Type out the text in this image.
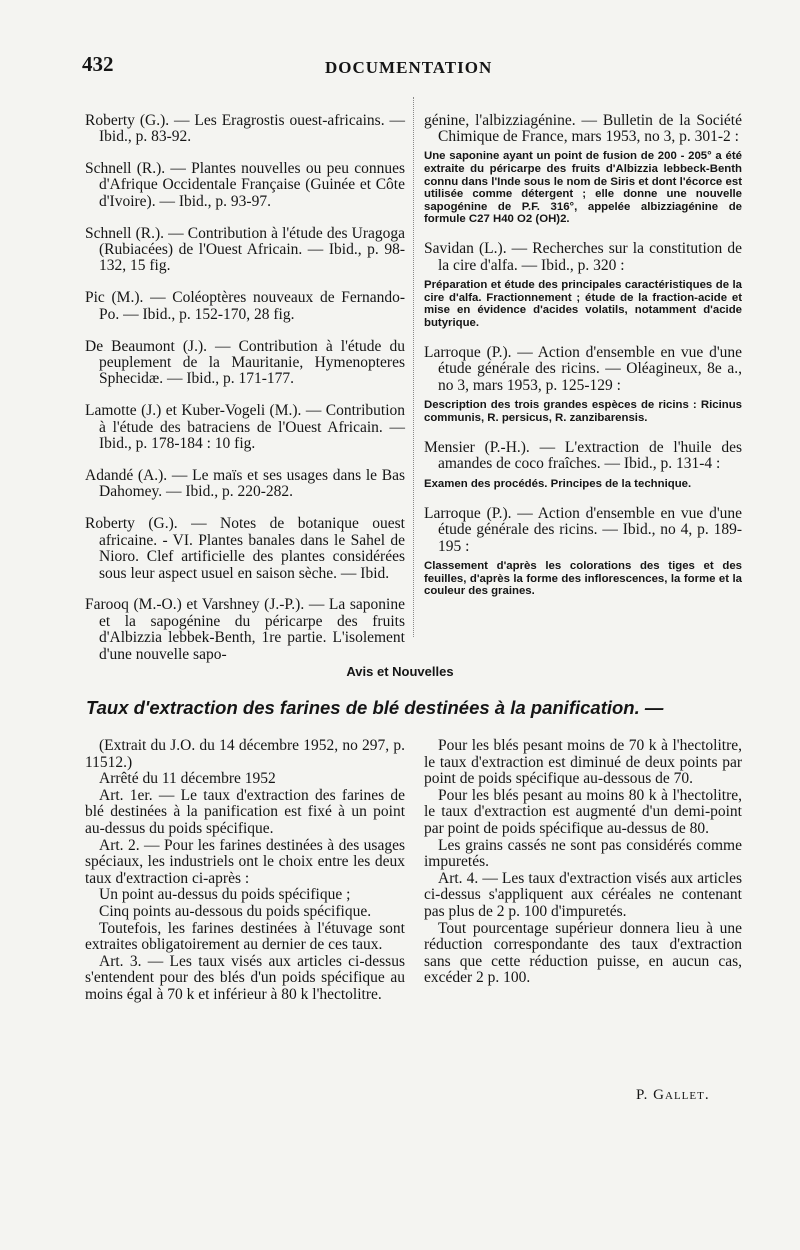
432	DOCUMENTATION

Roberty (G.). — Les Eragrostis ouest-africains. — Ibid., p. 83-92.

Schnell (R.). — Plantes nouvelles ou peu connues d'Afrique Occidentale Française (Guinée et Côte d'Ivoire). — Ibid., p. 93-97.

Schnell (R.). — Contribution à l'étude des Uragoga (Rubiacées) de l'Ouest Africain. — Ibid., p. 98-132, 15 fig.

Pic (M.). — Coléoptères nouveaux de Fernando-Po. — Ibid., p. 152-170, 28 fig.

De Beaumont (J.). — Contribution à l'étude du peuplement de la Mauritanie, Hymenopteres Sphecidæ. — Ibid., p. 171-177.

Lamotte (J.) et Kuber-Vogeli (M.). — Contribution à l'étude des batraciens de l'Ouest Africain. — Ibid., p. 178-184 : 10 fig.

Adandé (A.). — Le maïs et ses usages dans le Bas Dahomey. — Ibid., p. 220-282.

Roberty (G.). — Notes de botanique ouest africaine. - VI. Plantes banales dans le Sahel de Nioro. Clef artificielle des plantes considérées sous leur aspect usuel en saison sèche. — Ibid.

Farooq (M.-O.) et Varshney (J.-P.). — La saponine et la sapogénine du péricarpe des fruits d'Albizzia lebbek-Benth, 1re partie. L'isolement d'une nouvelle sapo-

génine, l'albizziagénine. — Bulletin de la Société Chimique de France, mars 1953, no 3, p. 301-2 :

Une saponine ayant un point de fusion de 200 - 205° a été extraite du péricarpe des fruits d'Albizzia lebbeck-Benth connu dans l'Inde sous le nom de Siris et dont l'écorce est utilisée comme détergent ; elle donne une nouvelle sapogénine de P.F. 316°, appelée albizziagénine de formule C27 H40 O2 (OH)2.

Savidan (L.). — Recherches sur la constitution de la cire d'alfa. — Ibid., p. 320 :

Préparation et étude des principales caractéristiques de la cire d'alfa. Fractionnement ; étude de la fraction-acide et mise en évidence d'acides volatils, notamment d'acide butyrique.

Larroque (P.). — Action d'ensemble en vue d'une étude générale des ricins. — Oléagineux, 8e a., no 3, mars 1953, p. 125-129 :

Description des trois grandes espèces de ricins : Ricinus communis, R. persicus, R. zanzibarensis.

Mensier (P.-H.). — L'extraction de l'huile des amandes de coco fraîches. — Ibid., p. 131-4 :

Examen des procédés. Principes de la technique.

Larroque (P.). — Action d'ensemble en vue d'une étude générale des ricins. — Ibid., no 4, p. 189-195 :

Classement d'après les colorations des tiges et des feuilles, d'après la forme des inflorescences, la forme et la couleur des graines.

Avis et Nouvelles
Taux d'extraction des farines de blé destinées à la panification. —

(Extrait du J.O. du 14 décembre 1952, no 297, p. 11512.)

Arrêté du 11 décembre 1952

Art. 1er. — Le taux d'extraction des farines de blé destinées à la panification est fixé à un point au-dessus du poids spécifique.

Art. 2. — Pour les farines destinées à des usages spéciaux, les industriels ont le choix entre les deux taux d'extraction ci-après :

Un point au-dessus du poids spécifique ;

Cinq points au-dessous du poids spécifique.

Toutefois, les farines destinées à l'étuvage sont extraites obligatoirement au dernier de ces taux.

Art. 3. — Les taux visés aux articles ci-dessus s'entendent pour des blés d'un poids spécifique au moins égal à 70 k et inférieur à 80 k l'hectolitre.

Pour les blés pesant moins de 70 k à l'hectolitre, le taux d'extraction est diminué de deux points par point de poids spécifique au-dessous de 70.

Pour les blés pesant au moins 80 k à l'hectolitre, le taux d'extraction est augmenté d'un demi-point par point de poids spécifique au-dessus de 80.

Les grains cassés ne sont pas considérés comme impuretés.

Art. 4. — Les taux d'extraction visés aux articles ci-dessus s'appliquent aux céréales ne contenant pas plus de 2 p. 100 d'impuretés.

Tout pourcentage supérieur donnera lieu à une réduction correspondante des taux d'extraction sans que cette réduction puisse, en aucun cas, excéder 2 p. 100.

P. Gallet.
